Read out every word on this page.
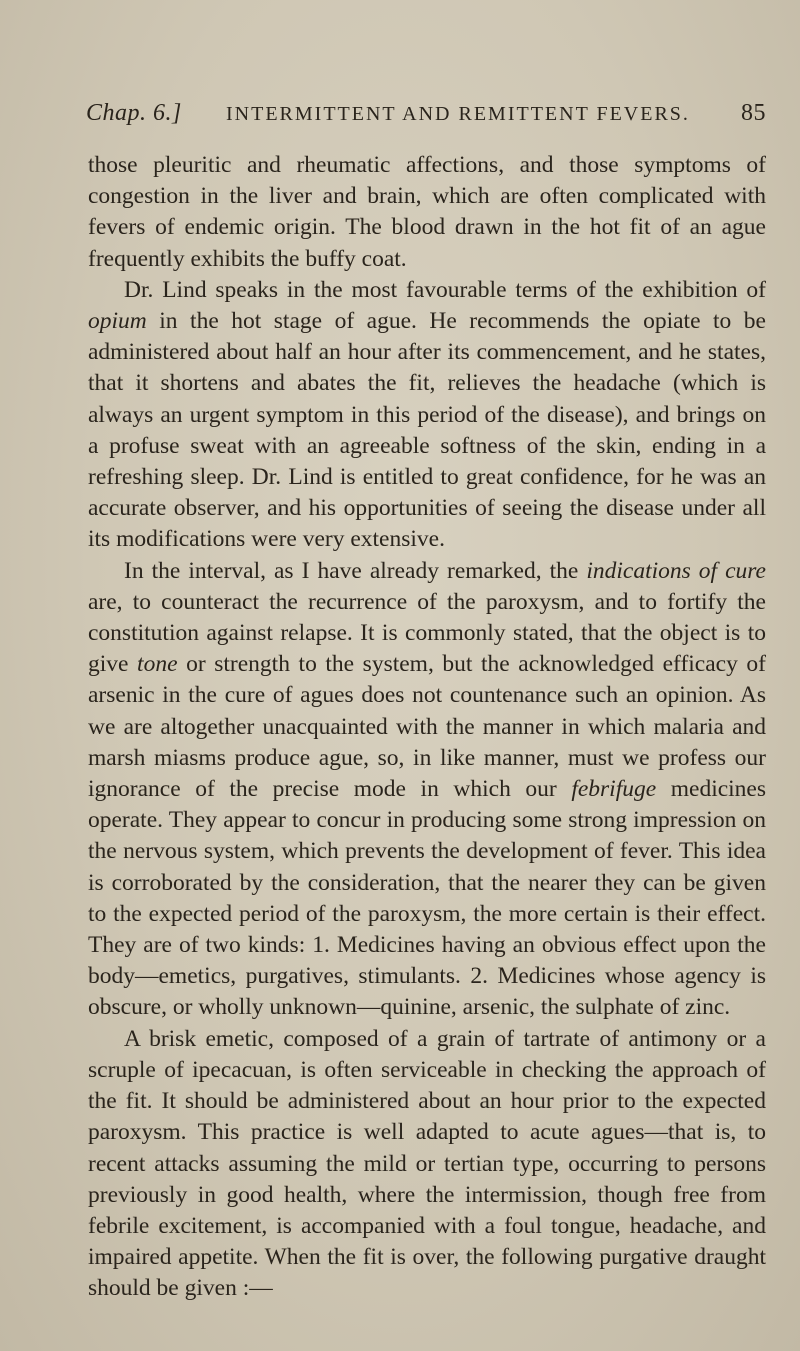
Chap. 6.] INTERMITTENT AND REMITTENT FEVERS. 85

those pleuritic and rheumatic affections, and those symptoms of congestion in the liver and brain, which are often complicated with fevers of endemic origin. The blood drawn in the hot fit of an ague frequently exhibits the buffy coat.

Dr. Lind speaks in the most favourable terms of the exhibition of opium in the hot stage of ague. He recommends the opiate to be administered about half an hour after its commencement, and he states, that it shortens and abates the fit, relieves the headache (which is always an urgent symptom in this period of the disease), and brings on a profuse sweat with an agreeable softness of the skin, ending in a refreshing sleep. Dr. Lind is entitled to great confidence, for he was an accurate observer, and his opportunities of seeing the disease under all its modifications were very extensive.

In the interval, as I have already remarked, the indications of cure are, to counteract the recurrence of the paroxysm, and to fortify the constitution against relapse. It is commonly stated, that the object is to give tone or strength to the system, but the acknowledged efficacy of arsenic in the cure of agues does not countenance such an opinion. As we are altogether unacquainted with the manner in which malaria and marsh miasms produce ague, so, in like manner, must we profess our ignorance of the precise mode in which our febrifuge medicines operate. They appear to concur in producing some strong impression on the nervous system, which prevents the development of fever. This idea is corroborated by the consideration, that the nearer they can be given to the expected period of the paroxysm, the more certain is their effect. They are of two kinds: 1. Medicines having an obvious effect upon the body—emetics, purgatives, stimulants. 2. Medicines whose agency is obscure, or wholly unknown—quinine, arsenic, the sulphate of zinc.

A brisk emetic, composed of a grain of tartrate of antimony or a scruple of ipecacuan, is often serviceable in checking the approach of the fit. It should be administered about an hour prior to the expected paroxysm. This practice is well adapted to acute agues—that is, to recent attacks assuming the mild or tertian type, occurring to persons previously in good health, where the intermission, though free from febrile excitement, is accompanied with a foul tongue, headache, and impaired appetite. When the fit is over, the following purgative draught should be given :—
